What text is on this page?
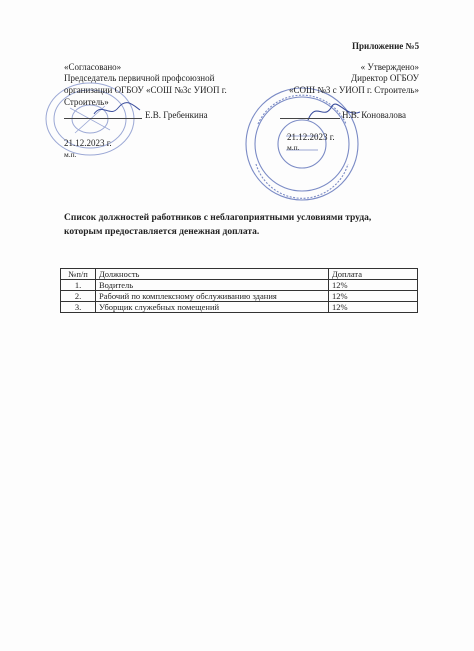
Приложение №5
«Согласовано»
Председатель первичной профсоюзной
организации ОГБОУ «СОШ №3с УИОП г.
Строитель»
Е.В. Гребенкина
21.12.2023 г.
м.п.
« Утверждено»
Директор ОГБОУ
«СОШ №3 с УИОП г. Строитель»
Н.В. Коновалова
21.12.2023 г.
м.п.
Список должностей работников с неблагоприятными условиями труда,
которым предоставляется денежная доплата.
№п/п	Должность	Доплата
1.	Водитель	12%
2.	Рабочий по комплексному обслуживанию здания	12%
3.	Уборщик служебных помещений	12%
